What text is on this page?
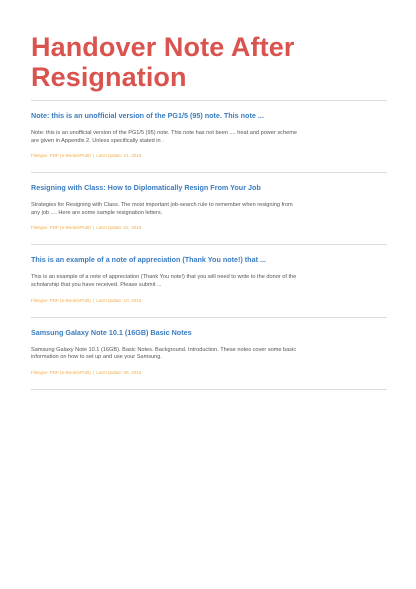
Handover Note After
Resignation
Note: this is an unofficial version of the PG1/5 (95) note. This note ...

Note: this is an unofficial version of the PG1/5 (95) note. This note has not been .... heat and power scheme are given in Appendix 2. Unless specifically stated in .

Filetype: PDF (e-Book/ePUB) | Last Update: 21, 2015
Resigning with Class: How to Diplomatically Resign From Your Job

Strategies for Resigning with Class. The most important job-search rule to remember when resigning from any job .... Here are some sample resignation letters.

Filetype: PDF (e-Book/ePUB) | Last Update: 02, 2015
This is an example of a note of appreciation (Thank You note!) that ...

This is an example of a note of appreciation (Thank You note!) that you will need to write to the donor of the scholarship that you have received. Please submit ...

Filetype: PDF (e-Book/ePUB) | Last Update: 10, 2015
Samsung Galaxy Note 10.1 (16GB) Basic Notes

Samsung Galaxy Note 10.1 (16GB). Basic Notes. Background. Introduction. These notes cover some basic information on how to set up and use your Samsung.

Filetype: PDF (e-Book/ePUB) | Last Update: 06, 2015
